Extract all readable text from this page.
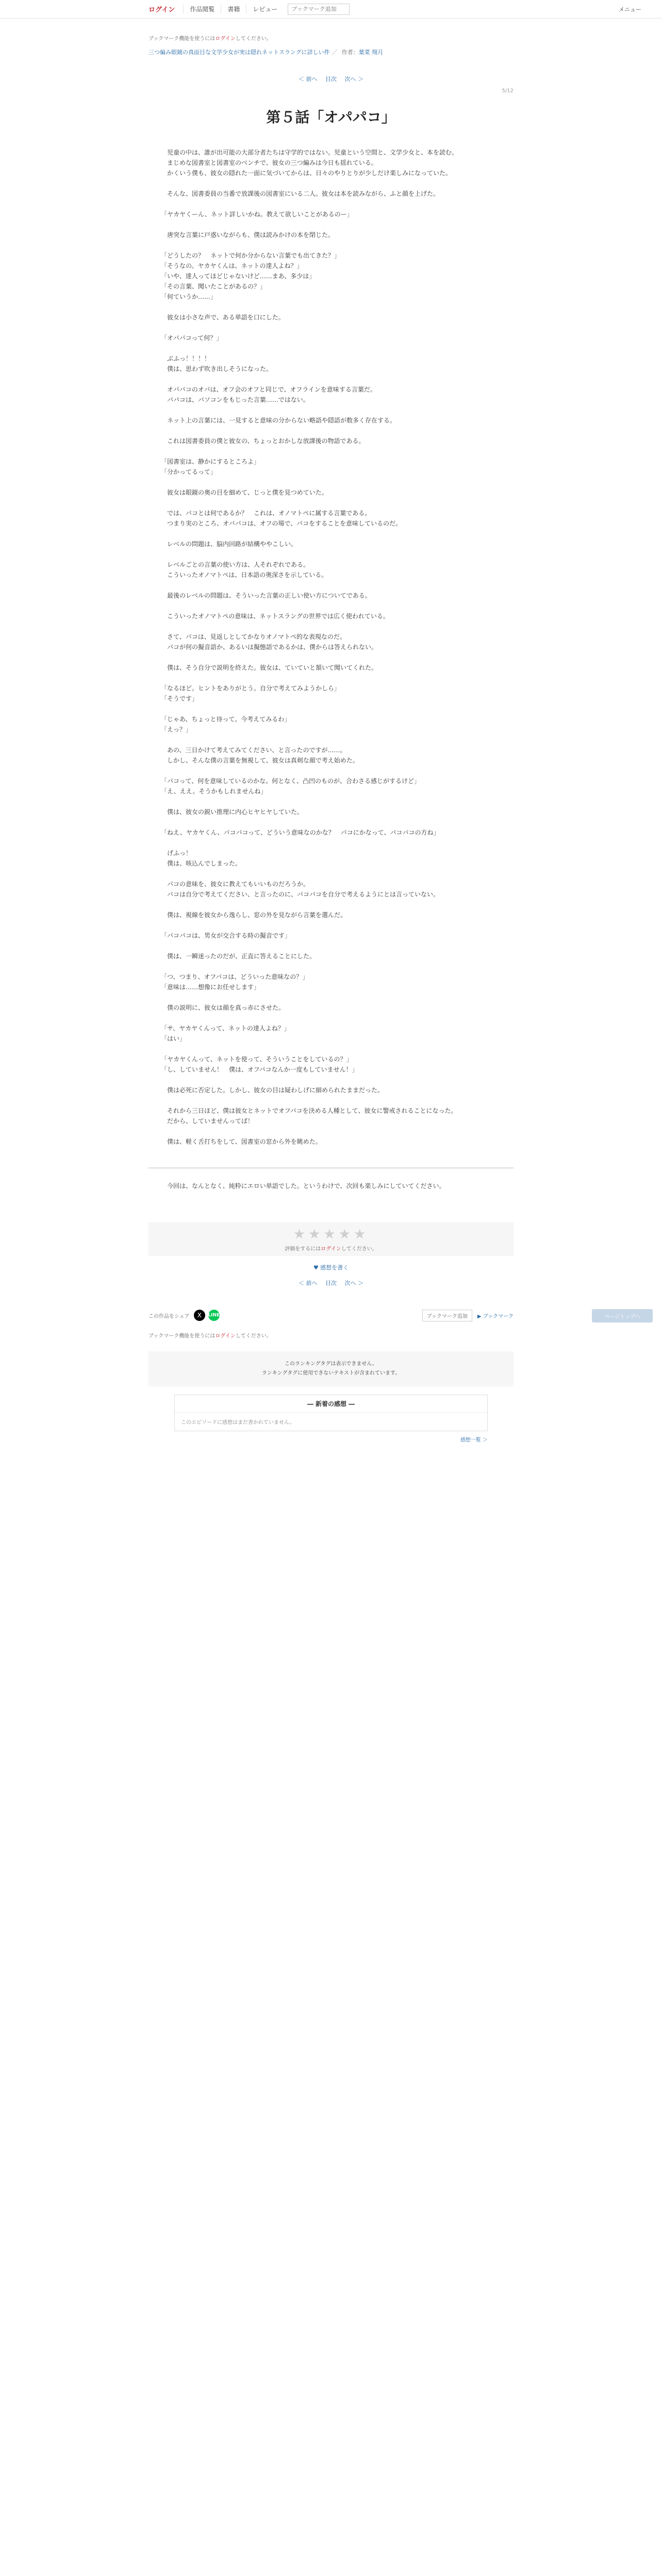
ログイン	作品閲覧	書籍	レビュー
ブックマーク追加	メニュー
ブックマーク機能を使うにはログインしてください。
三つ編み眼鏡の真面目な文学少女が実は隠れネットスラングに詳しい件 ／ 作者：葉菜 翔月
＜ 前へ 目次 次へ ＞
5/12
第５話「オパパコ」

　児童の中は、誰が出可能の大部分者たちは守学的ではない。児童という空間と、文学少女と、本を読む。

　まじめな図書室と図書室のベンチで、彼女の三つ編みは今日も揺れている。

　かくいう僕も、彼女の隠れた一面に気づいてからは、日々のやりとりが少しだけ楽しみになっていた。

　そんな、図書委員の当番で放課後の図書室にいる二人。彼女は本を読みながら、ふと顔を上げた。

「ヤカヤくーん、ネット詳しいかね。教えて欲しいことがあるのー」

　唐突な言葉に戸惑いながらも、僕は読みかけの本を閉じた。

「どうしたの？　ネットで何か分からない言葉でも出てきた？」

「そうなの。ヤカヤくんは、ネットの達人よね？」

「いや、達人ってほどじゃないけど……まあ、多少は」

「その言葉、聞いたことがあるの？」

「何ていうか……」

　彼女は小さな声で、ある単語を口にした。

「オパパコって何？」

　ぶふっ！！！！

　僕は、思わず吹き出しそうになった。

　オパパコのオパは、オフ会のオフと同じで、オフラインを意味する言葉だ。

　パパコは、パソコンをもじった言葉……ではない。

　ネット上の言葉には、一見すると意味の分からない略語や隠語が数多く存在する。

　これは図書委員の僕と彼女の、ちょっとおかしな放課後の物語である。

「図書室は、静かにするところよ」

「分かってるって」

　彼女は眼鏡の奥の目を細めて、じっと僕を見つめていた。

　では、パコとは何であるか？　これは、オノマトペに属する言葉である。

　つまり実のところ、オパパコは、オフの場で、パコをすることを意味しているのだ。

　レベルの問題は、脳内回路が結構ややこしい。

　レベルごとの言葉の使い方は、人それぞれである。

　こういったオノマトペは、日本語の奥深さを示している。

　最後のレベルの問題は、そういった言葉の正しい使い方についてである。

　こういったオノマトペの意味は、ネットスラングの世界では広く使われている。

　さて、パコは、見返しとしてかなりオノマトペ的な表現なのだ。

　パコが何の擬音語か、あるいは擬態語であるかは、僕からは答えられない。

　僕は、そう自分で説明を終えた。彼女は、ていていと頷いて聞いてくれた。

「なるほど。ヒントをありがとう。自分で考えてみようかしら」

「そうです」

「じゃあ、ちょっと待って。今考えてみるわ」

「えっ？」

　あの、三日かけて考えてみてください、と言ったのですが……。

　しかし、そんな僕の言葉を無視して、彼女は真剣な顔で考え始めた。

「パコって、何を意味しているのかな。何となく、凸凹のものが、合わさる感じがするけど」

「え、ええ。そうかもしれませんね」

　僕は、彼女の鋭い推理に内心ヒヤヒヤしていた。

「ねえ、ヤカヤくん、パコパコって、どういう意味なのかな？　パコにかなって、パコパコの方ね」

　げふっ！

　僕は、咳込んでしまった。

　パコの意味を、彼女に教えてもいいものだろうか。

　パコは自分で考えてください、と言ったのに、パコパコを自分で考えるようにとは言っていない。

　僕は、視線を彼女から逸らし、窓の外を見ながら言葉を選んだ。

「パコパコは、男女が交合する時の擬音です」

　僕は、一瞬迷ったのだが、正直に答えることにした。

「つ、つまり、オフパコは、どういった意味なの？」

「意味は……想像にお任せします」

　僕の説明に、彼女は顔を真っ赤にさせた。

「サ、ヤカヤくんって、ネットの達人よね？」

「はい」

「ヤカヤくんって、ネットを使って、そういうことをしているの？」

「し、していません！　僕は、オフパコなんか一度もしていません！」

　僕は必死に否定した。しかし、彼女の目は疑わしげに細められたままだった。

　それから三日ほど、僕は彼女とネットでオフパコを決める人種として、彼女に警戒されることになった。

　だから、していませんってば！

　僕は、軽く舌打ちをして、図書室の窓から外を眺めた。

　今回は、なんとなく、純粋にエロい単語でした。というわけで、次回も楽しみにしていてください。

★★★★★
評価をするにはログインしてください。
♥ 感想を書く
＜ 前へ 目次 次へ ＞
この作品をシェア	X	LINE	ブックマーク追加	▶ ブックマーク
ブックマーク機能を使うにはログインしてください。
このランキングタグは表示できません。
ランキングタグに使用できないテキストが含まれています。
― 新着の感想 ―
このエピソードに感想はまだ書かれていません。
感想一覧 ＞
ページトップへ
